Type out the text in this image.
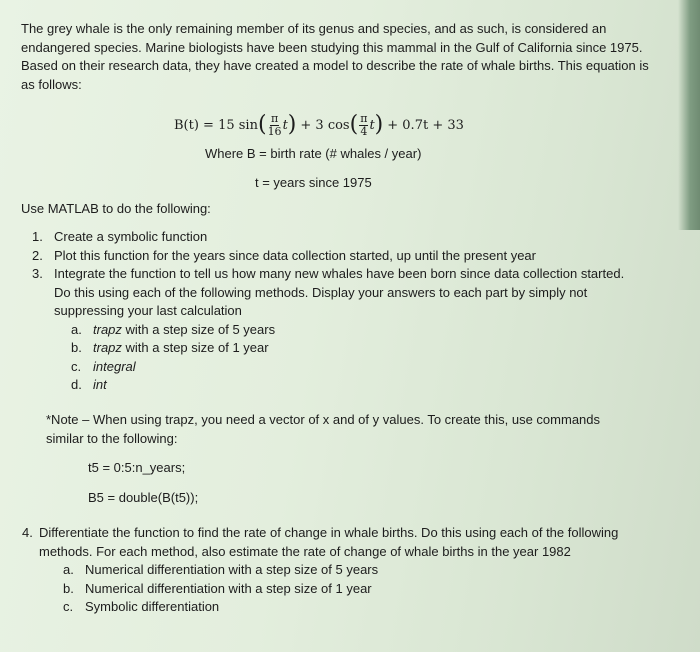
The grey whale is the only remaining member of its genus and species, and as such, is considered an endangered species. Marine biologists have been studying this mammal in the Gulf of California since 1975. Based on their research data, they have created a model to describe the rate of whale births. This equation is as follows:
B(t) = 15 sin ( $\frac{\pi}{16}$ t ) + 3 cos ( $\frac{\pi}{4}$ t ) + 0.7t + 33
Where B = birth rate (# whales / year)
t = years since 1975
Use MATLAB to do the following:
1. Create a symbolic function
2. Plot this function for the years since data collection started, up until the present year
3. Integrate the function to tell us how many new whales have been born since data collection started. Do this using each of the following methods. Display your answers to each part by simply not suppressing your last calculation
a. trapz with a step size of 5 years
b. trapz with a step size of 1 year
c. integral
d. int
*Note – When using trapz, you need a vector of x and of y values. To create this, use commands similar to the following:
t5 = 0:5:n_years;
B5 = double(B(t5));
4. Differentiate the function to find the rate of change in whale births. Do this using each of the following methods. For each method, also estimate the rate of change of whale births in the year 1982
a. Numerical differentiation with a step size of 5 years
b. Numerical differentiation with a step size of 1 year
c. Symbolic differentiation
